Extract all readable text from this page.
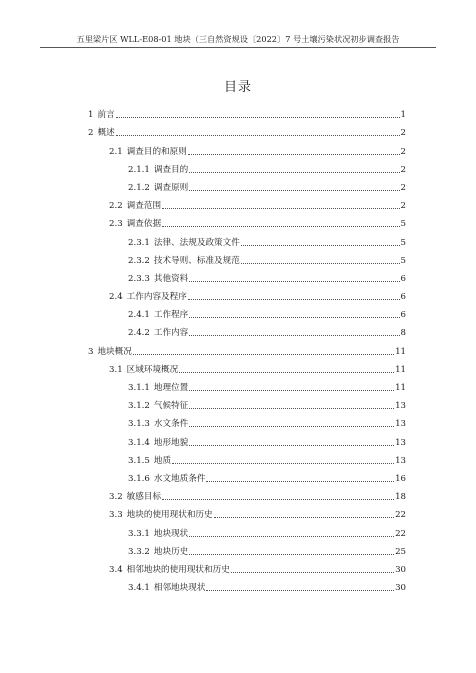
五里梁片区 WLL-E08-01 地块（三自然资规设〔2022〕7 号土壤污染状况初步调查报告
目录
1 前言	1
2 概述	2
2.1 调查目的和原则	2
2.1.1 调查目的	2
2.1.2 调查原则	2
2.2 调查范围	2
2.3 调查依据	5
2.3.1 法律、法规及政策文件	5
2.3.2 技术导则、标准及规范	5
2.3.3 其他资料	6
2.4 工作内容及程序	6
2.4.1 工作程序	6
2.4.2 工作内容	8
3 地块概况	11
3.1 区域环境概况	11
3.1.1 地理位置	11
3.1.2 气候特征	13
3.1.3 水文条件	13
3.1.4 地形地貌	13
3.1.5 地质	13
3.1.6 水文地质条件	16
3.2 敏感目标	18
3.3 地块的使用现状和历史	22
3.3.1 地块现状	22
3.3.2 地块历史	25
3.4 相邻地块的使用现状和历史	30
3.4.1 相邻地块现状	30
